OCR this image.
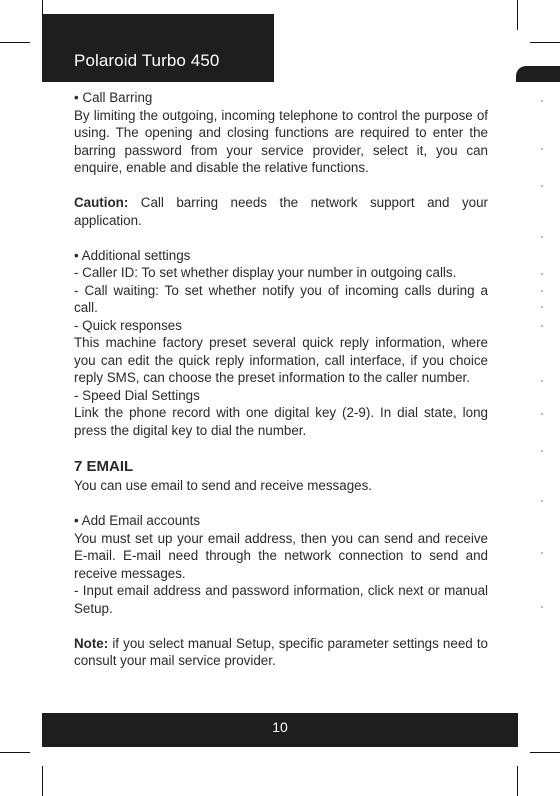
Polaroid Turbo 450

• Call Barring

By limiting the outgoing, incoming telephone to control the purpose of using. The opening and closing functions are required to enter the barring password from your service provider, select it, you can enquire, enable and disable the relative functions.

Caution: Call barring needs the network support and your application.

• Additional settings

- Caller ID: To set whether display your number in outgoing calls.

- Call waiting: To set whether notify you of incoming calls during a call.

- Quick responses

This machine factory preset several quick reply information, where you can edit the quick reply information, call interface, if you choice reply SMS, can choose the preset information to the caller number.

- Speed Dial Settings

Link the phone record with one digital key (2-9). In dial state, long press the digital key to dial the number.

7 EMAIL

You can use email to send and receive messages.

• Add Email accounts

You must set up your email address, then you can send and receive E-mail. E-mail need through the network connection to send and receive messages.

- Input email address and password information, click next or manual Setup.

Note: if you select manual Setup, specific parameter settings need to consult your mail service provider.

10
